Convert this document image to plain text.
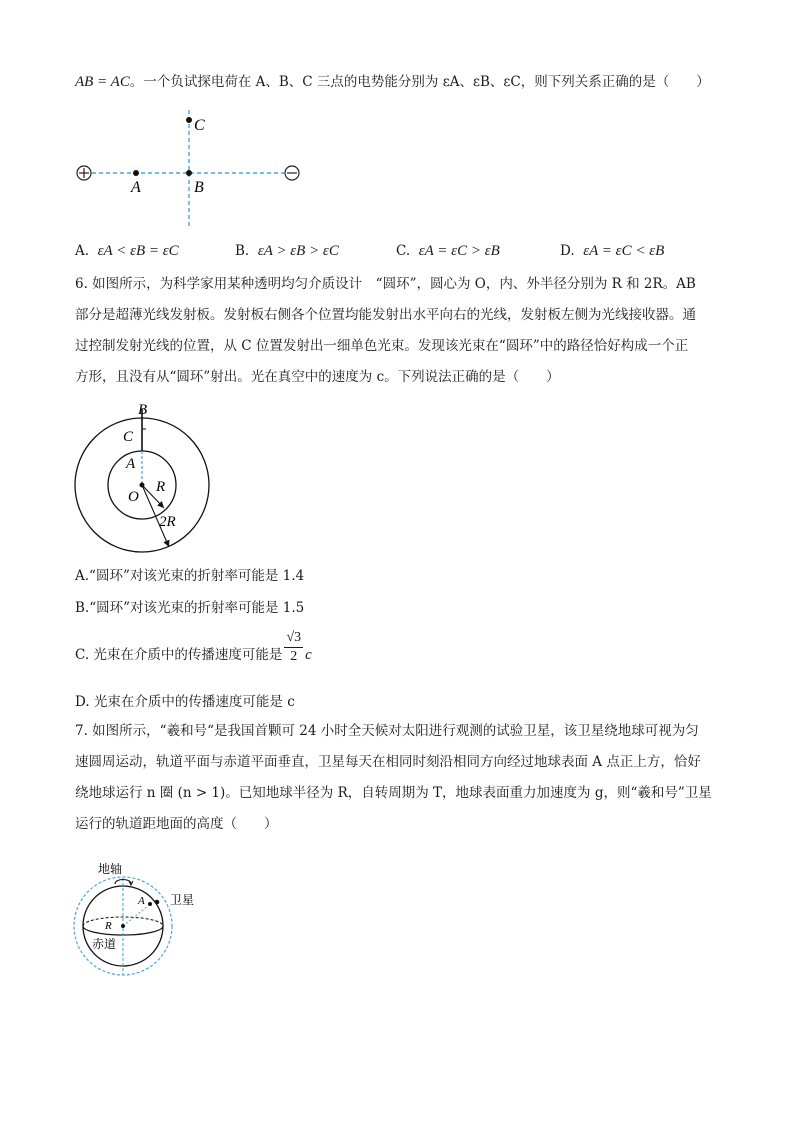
AB = AC。一个负试探电荷在 A、B、C 三点的电势能分别为 εA、εB、εC，则下列关系正确的是（　　）
A	B
C
A. εA < εB = εC	B. εA > εB > εC	C. εA = εC > εB	D. εA = εC < εB
6. 如图所示，为科学家用某种透明均匀介质设计　“圆环”，圆心为 O，内、外半径分别为 R 和 2R。AB
部分是超薄光线发射板。发射板右侧各个位置均能发射出水平向右的光线，发射板左侧为光线接收器。通
过控制发射光线的位置，从 C 位置发射出一细单色光束。发现该光束在“圆环”中的路径恰好构成一个正
方形，且没有从“圆环”射出。光在真空中的速度为 c。下列说法正确的是（　　）
B
C
A
O
R
2R
A.“圆环”对该光束的折射率可能是 1.4
B.“圆环”对该光束的折射率可能是 1.5
C. 光束在介质中的传播速度可能是 $\frac{√3}{2}$ c
D. 光束在介质中的传播速度可能是 c
7. 如图所示，“羲和号“是我国首颗可 24 小时全天候对太阳进行观测的试验卫星，该卫星绕地球可视为匀
速圆周运动，轨道平面与赤道平面垂直，卫星每天在相同时刻沿相同方向经过地球表面 A 点正上方，恰好
绕地球运行 n 圈 (n > 1)。已知地球半径为 R，自转周期为 T，地球表面重力加速度为 g，则“羲和号”卫星
运行的轨道距地面的高度（　　）
地轴
卫星
赤道
A
R
